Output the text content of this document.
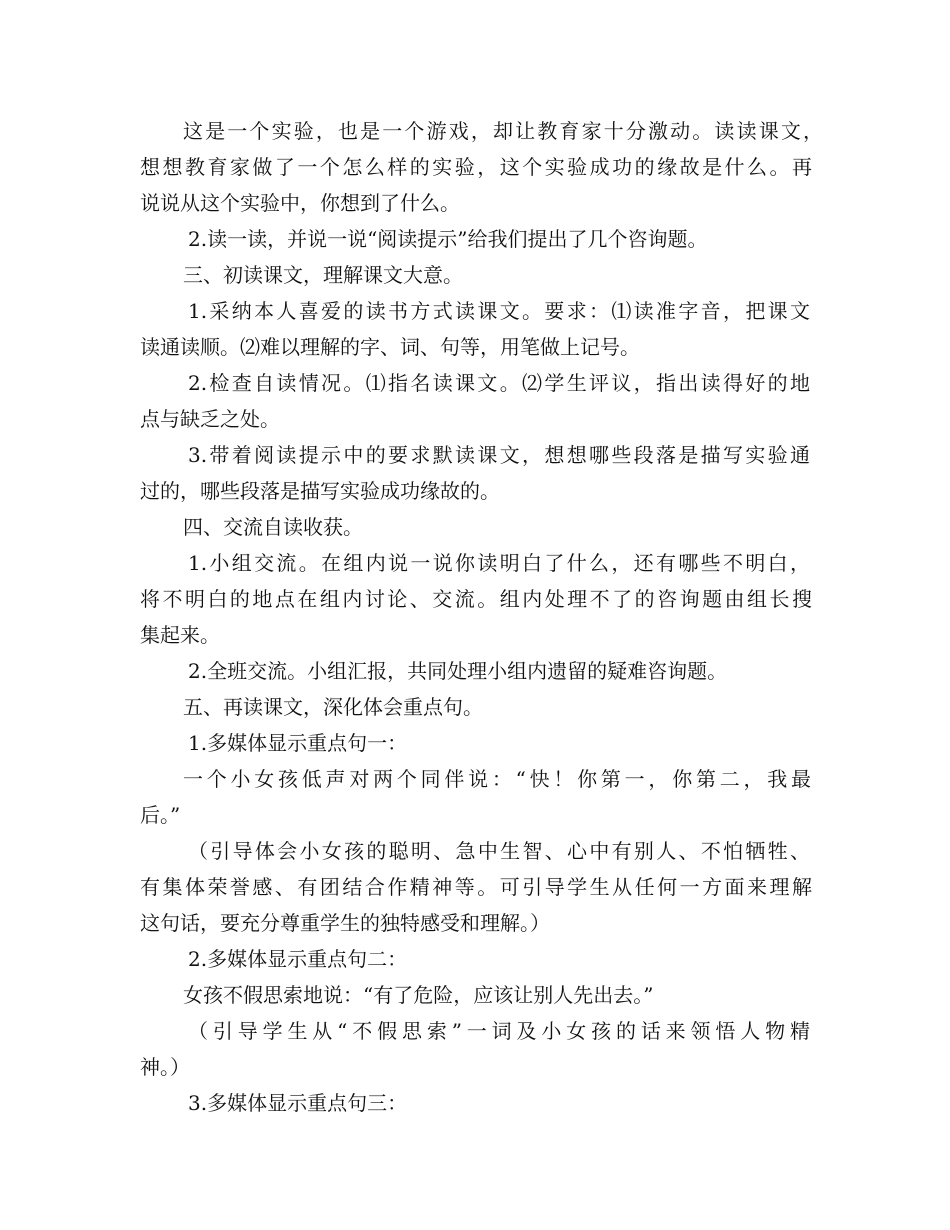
这是一个实验，也是一个游戏，却让教育家十分激动。读读课文，
想想教育家做了一个怎么样的实验，这个实验成功的缘故是什么。再
说说从这个实验中，你想到了什么。
2.读一读，并说一说“阅读提示”给我们提出了几个咨询题。
三、初读课文，理解课文大意。
1.采纳本人喜爱的读书方式读课文。要求：⑴读准字音，把课文
读通读顺。⑵难以理解的字、词、句等，用笔做上记号。
2.检查自读情况。⑴指名读课文。⑵学生评议，指出读得好的地
点与缺乏之处。
3.带着阅读提示中的要求默读课文，想想哪些段落是描写实验通
过的，哪些段落是描写实验成功缘故的。
四、交流自读收获。
1.小组交流。在组内说一说你读明白了什么，还有哪些不明白，
将不明白的地点在组内讨论、交流。组内处理不了的咨询题由组长搜
集起来。
2.全班交流。小组汇报，共同处理小组内遗留的疑难咨询题。
五、再读课文，深化体会重点句。
1.多媒体显示重点句一：
一个小女孩低声对两个同伴说：“快！你第一，你第二，我最
后。”
（引导体会小女孩的聪明、急中生智、心中有别人、不怕牺牲、
有集体荣誉感、有团结合作精神等。可引导学生从任何一方面来理解
这句话，要充分尊重学生的独特感受和理解。）
2.多媒体显示重点句二：
女孩不假思索地说：“有了危险，应该让别人先出去。”
（引导学生从“不假思索”一词及小女孩的话来领悟人物精
神。）
3.多媒体显示重点句三：
